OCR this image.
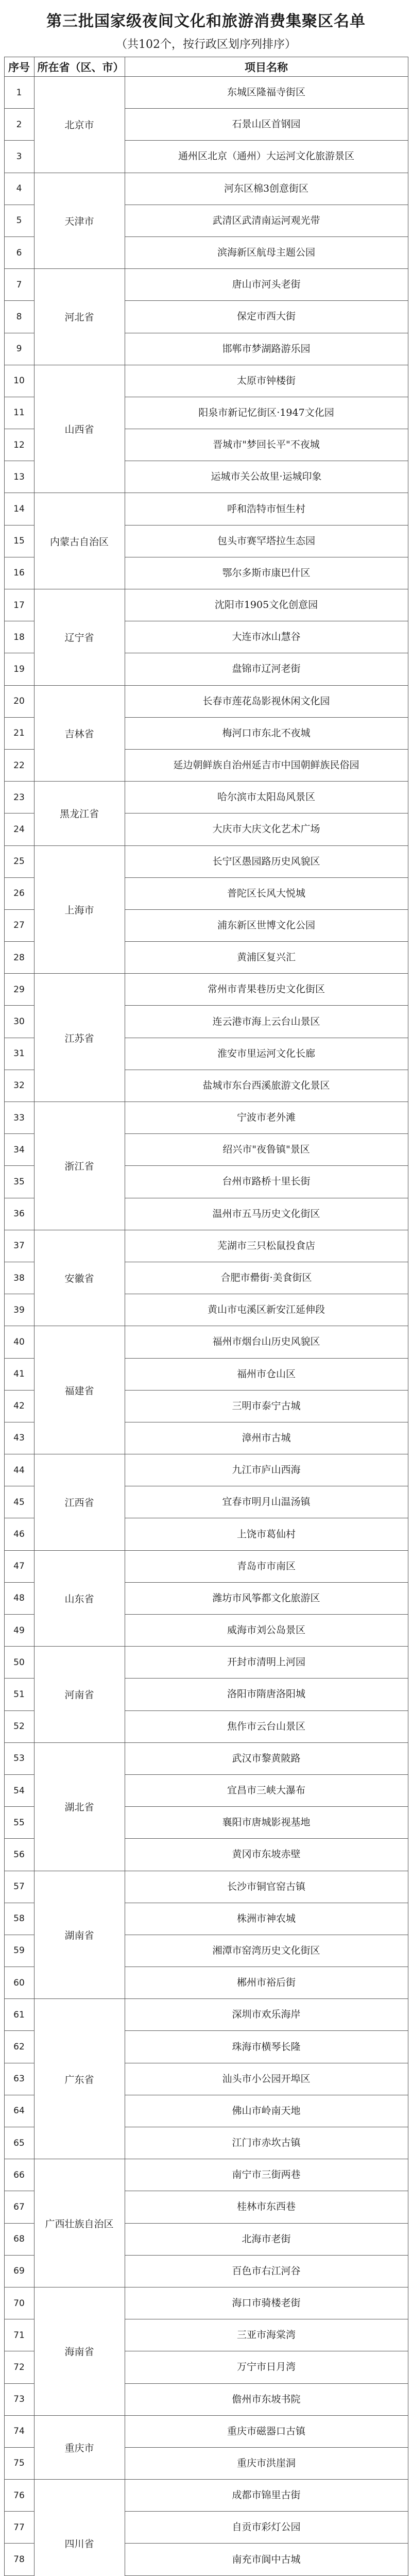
第三批国家级夜间文化和旅游消费集聚区名单
（共102个，按行政区划序列排序）
序号	所在省（区、市）	项目名称
1	北京市	东城区隆福寺街区
2		石景山区首钢园
3		通州区北京（通州）大运河文化旅游景区
4	天津市	河东区棉3创意街区
5		武清区武清南运河观光带
6		滨海新区航母主题公园
7	河北省	唐山市河头老街
8		保定市西大街
9		邯郸市梦湖路游乐园
10	山西省	太原市钟楼街
11		阳泉市新记忆街区·1947文化园
12		晋城市"梦回长平"不夜城
13		运城市关公故里·运城印象
14	内蒙古自治区	呼和浩特市恒生村
15		包头市赛罕塔拉生态园
16		鄂尔多斯市康巴什区
17	辽宁省	沈阳市1905文化创意园
18		大连市冰山慧谷
19		盘锦市辽河老街
20	吉林省	长春市莲花岛影视休闲文化园
21		梅河口市东北不夜城
22		延边朝鲜族自治州延吉市中国朝鲜族民俗园
23	黑龙江省	哈尔滨市太阳岛风景区
24		大庆市大庆文化艺术广场
25	上海市	长宁区愚园路历史风貌区
26		普陀区长风大悦城
27		浦东新区世博文化公园
28		黄浦区复兴汇
29	江苏省	常州市青果巷历史文化街区
30		连云港市海上云台山景区
31		淮安市里运河文化长廊
32		盐城市东台西溪旅游文化景区
33	浙江省	宁波市老外滩
34		绍兴市"夜鲁镇"景区
35		台州市路桥十里长街
36		温州市五马历史文化街区
37	安徽省	芜湖市三只松鼠投食店
38		合肥市罍街·美食街区
39		黄山市屯溪区新安江延伸段
40	福建省	福州市烟台山历史风貌区
41		福州市仓山区
42		三明市泰宁古城
43		漳州市古城
44	江西省	九江市庐山西海
45		宜春市明月山温汤镇
46		上饶市葛仙村
47	山东省	青岛市市南区
48		潍坊市风筝都文化旅游区
49		威海市刘公岛景区
50	河南省	开封市清明上河园
51		洛阳市隋唐洛阳城
52		焦作市云台山景区
53	湖北省	武汉市黎黄陂路
54		宜昌市三峡大瀑布
55		襄阳市唐城影视基地
56		黄冈市东坡赤壁
57	湖南省	长沙市铜官窑古镇
58		株洲市神农城
59		湘潭市窑湾历史文化街区
60		郴州市裕后街
61	广东省	深圳市欢乐海岸
62		珠海市横琴长隆
63		汕头市小公园开埠区
64		佛山市岭南天地
65		江门市赤坎古镇
66	广西壮族自治区	南宁市三街两巷
67		桂林市东西巷
68		北海市老街
69		百色市右江河谷
70	海南省	海口市骑楼老街
71		三亚市海棠湾
72		万宁市日月湾
73		儋州市东坡书院
74	重庆市	重庆市磁器口古镇
75		重庆市洪崖洞
76	四川省	成都市锦里古街
77		自贡市彩灯公园
78		南充市阆中古城
